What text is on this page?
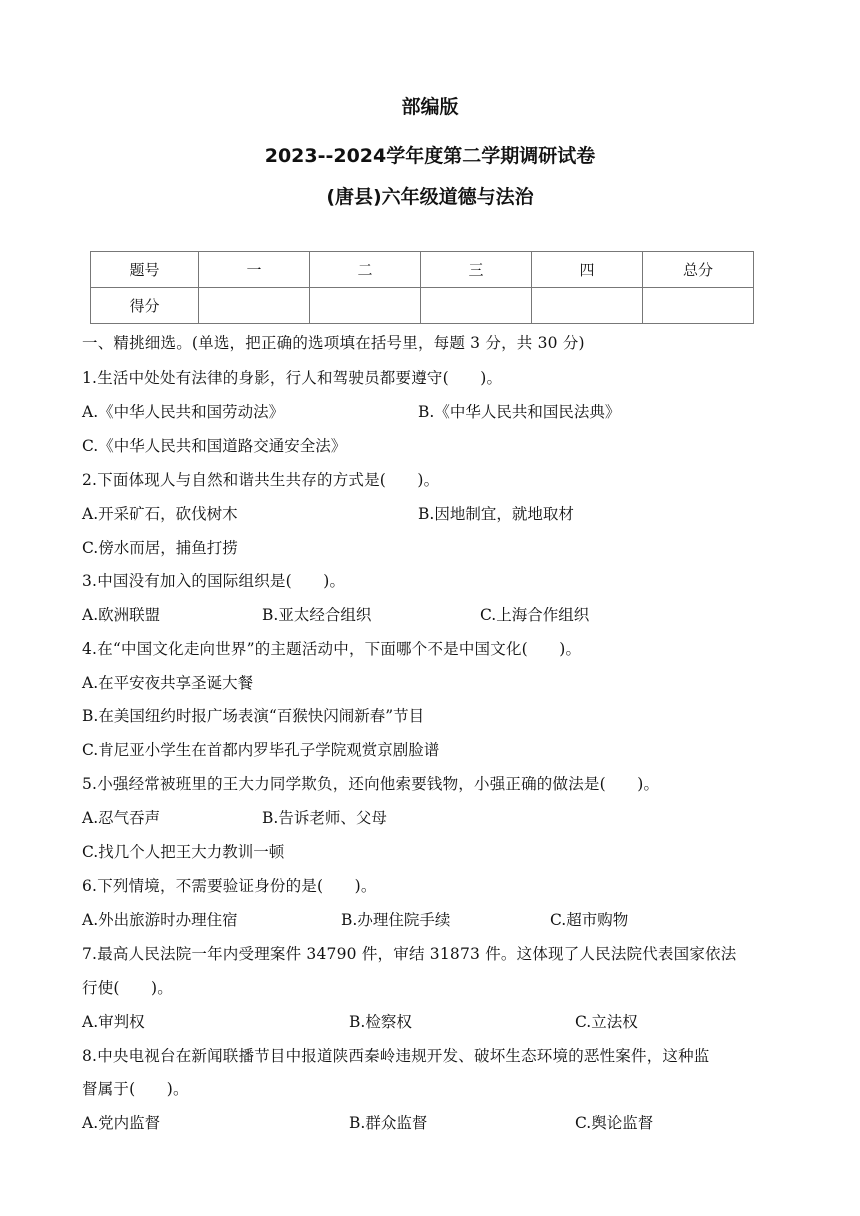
部编版
2023--2024学年度第二学期调研试卷
(唐县)六年级道德与法治
题号	一	二	三	四	总分
得分					
一、精挑细选。(单选，把正确的选项填在括号里，每题 3 分，共 30 分)
1.生活中处处有法律的身影，行人和驾驶员都要遵守(　　)。
A.《中华人民共和国劳动法》	B.《中华人民共和国民法典》
C.《中华人民共和国道路交通安全法》
2.下面体现人与自然和谐共生共存的方式是(　　)。
A.开采矿石，砍伐树木	B.因地制宜，就地取材
C.傍水而居，捕鱼打捞
3.中国没有加入的国际组织是(　　)。
A.欧洲联盟	B.亚太经合组织	C.上海合作组织
4.在“中国文化走向世界”的主题活动中，下面哪个不是中国文化(　　)。
A.在平安夜共享圣诞大餐
B.在美国纽约时报广场表演“百猴快闪闹新春”节目
C.肯尼亚小学生在首都内罗毕孔子学院观赏京剧脸谱
5.小强经常被班里的王大力同学欺负，还向他索要钱物，小强正确的做法是(　　)。
A.忍气吞声	B.告诉老师、父母
C.找几个人把王大力教训一顿
6.下列情境，不需要验证身份的是(　　)。
A.外出旅游时办理住宿	B.办理住院手续	C.超市购物
7.最高人民法院一年内受理案件 34790 件，审结 31873 件。这体现了人民法院代表国家依法
行使(　　)。
A.审判权	B.检察权	C.立法权
8.中央电视台在新闻联播节目中报道陕西秦岭违规开发、破坏生态环境的恶性案件，这种监
督属于(　　)。
A.党内监督	B.群众监督	C.舆论监督
